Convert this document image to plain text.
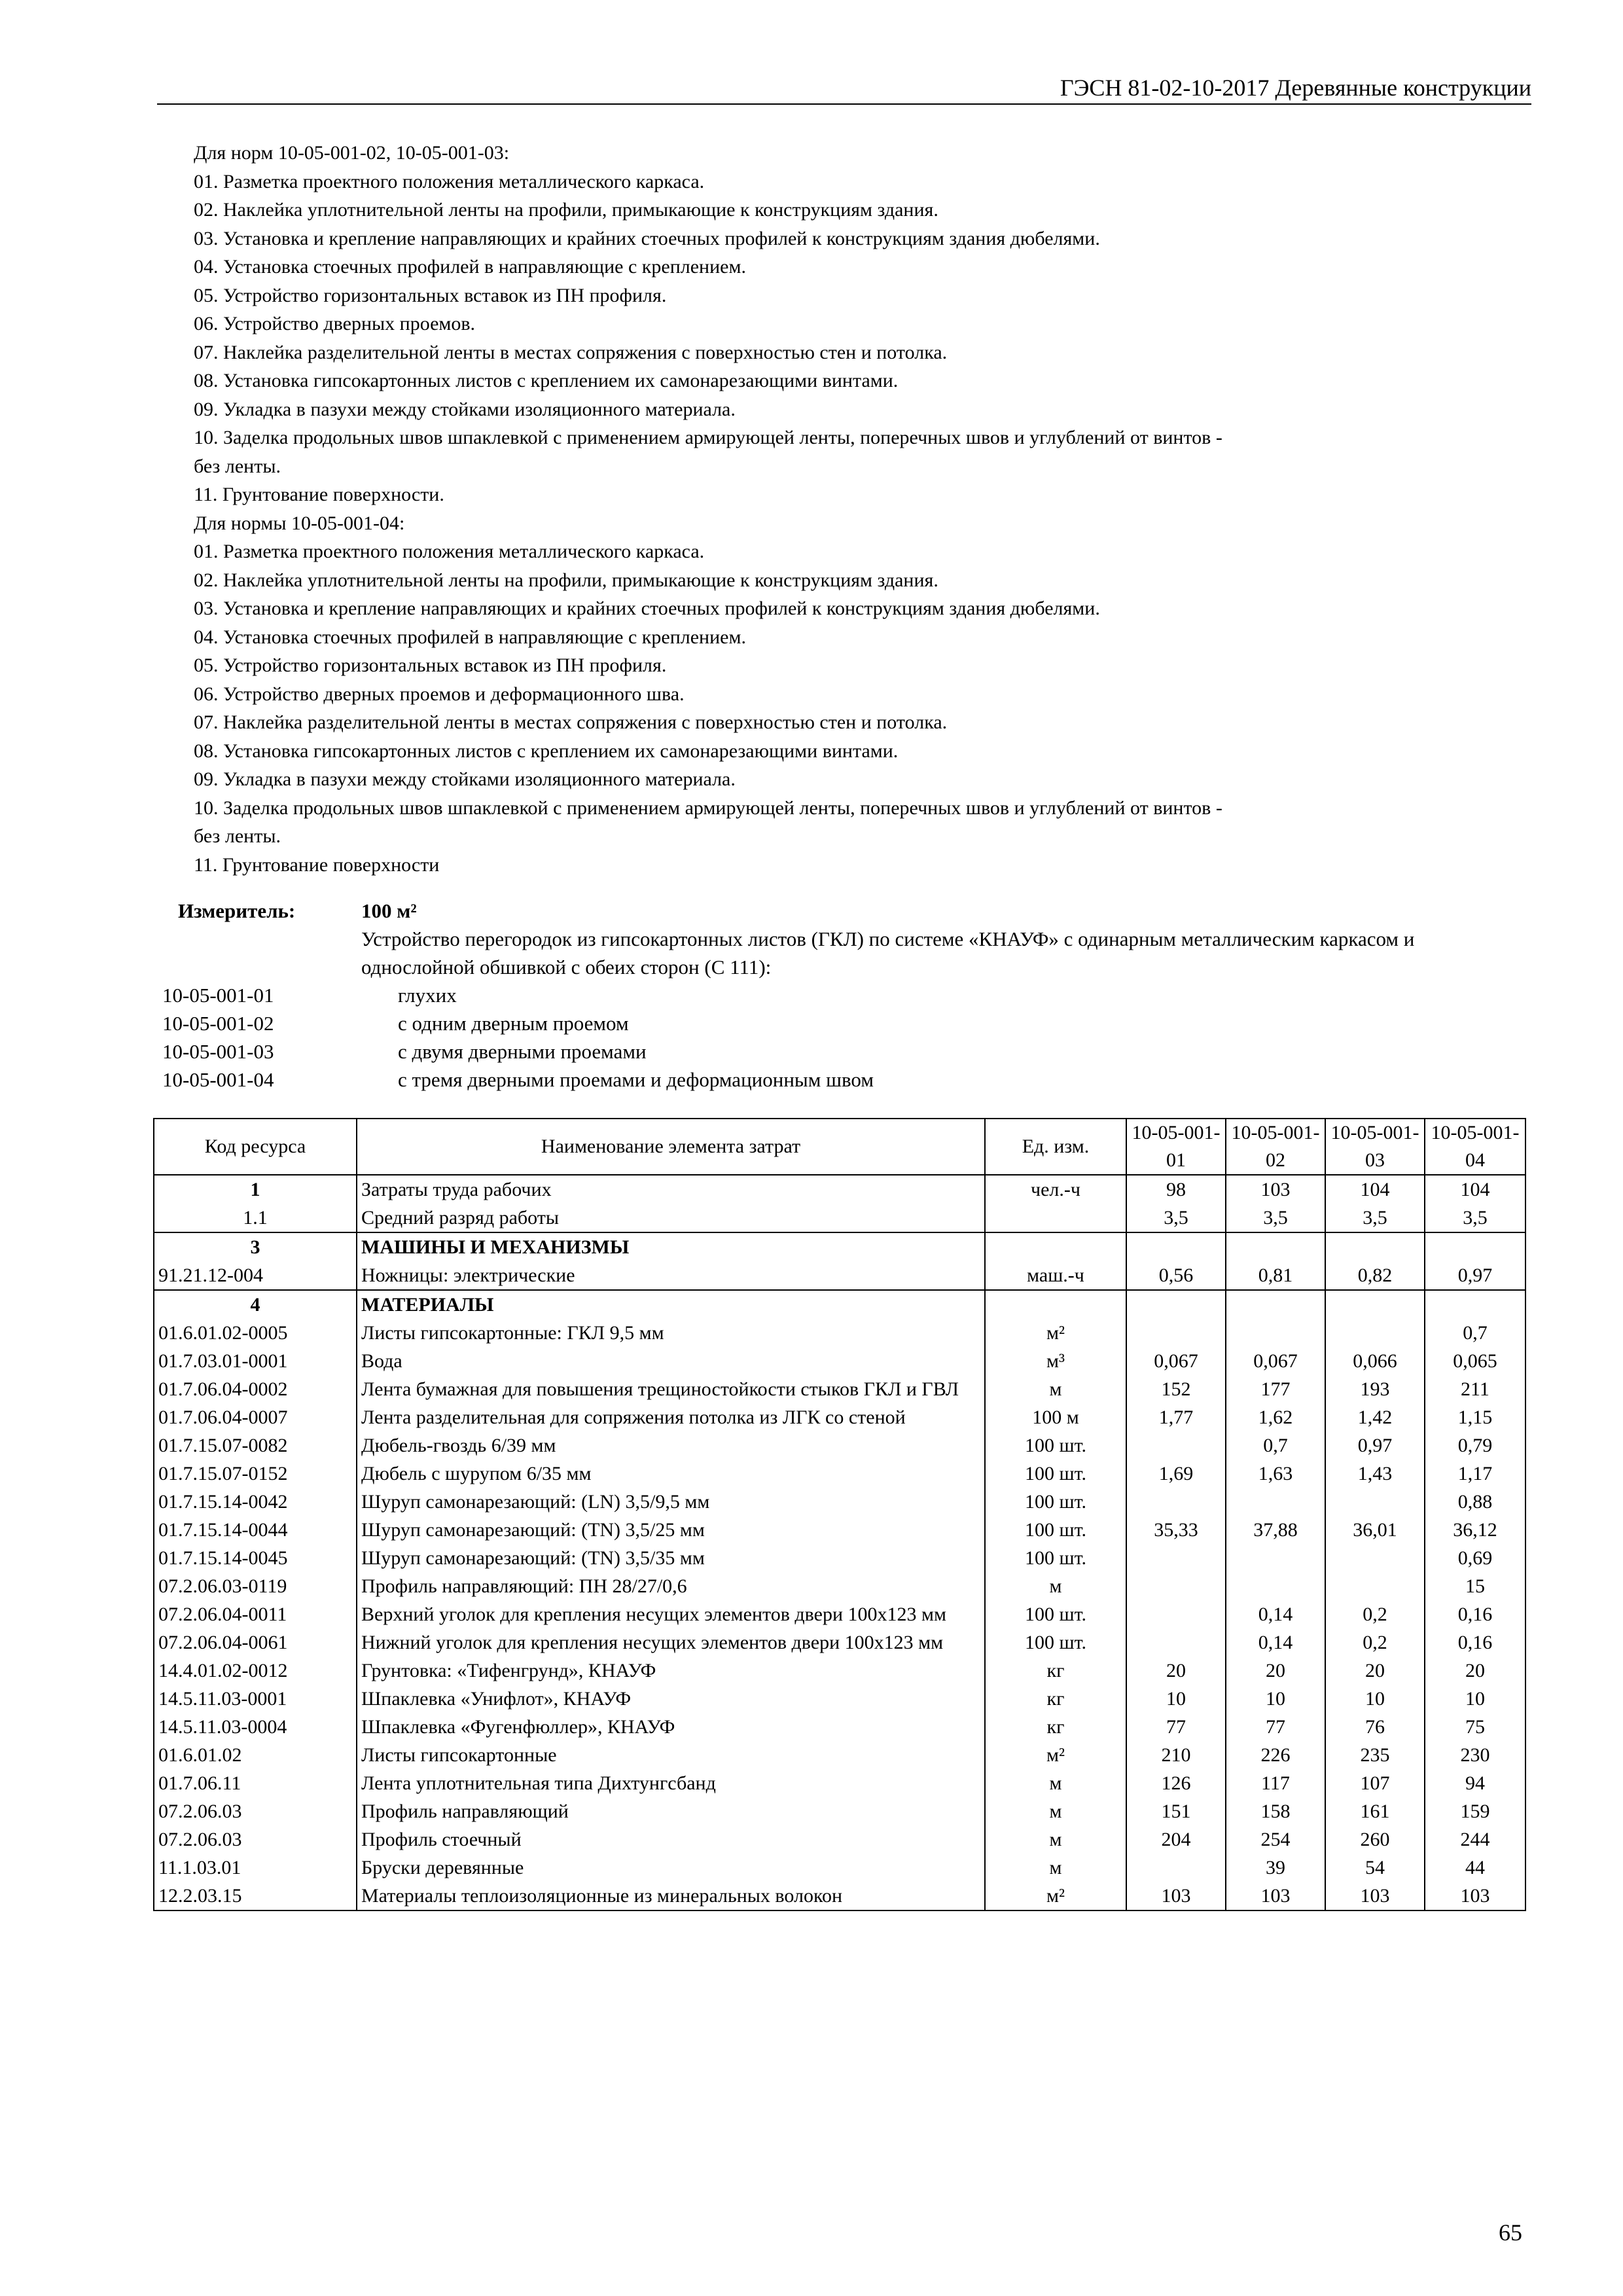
ГЭСН 81-02-10-2017 Деревянные конструкции
Для норм 10-05-001-02, 10-05-001-03:
01. Разметка проектного положения металлического каркаса.
02. Наклейка уплотнительной ленты на профили, примыкающие к конструкциям здания.
03. Установка и крепление направляющих и крайних стоечных профилей к конструкциям здания дюбелями.
04. Установка стоечных профилей в направляющие с креплением.
05. Устройство горизонтальных вставок из ПН профиля.
06. Устройство дверных проемов.
07. Наклейка разделительной ленты в местах сопряжения с поверхностью стен и потолка.
08. Установка гипсокартонных листов с креплением их самонарезающими винтами.
09. Укладка в пазухи между стойками изоляционного материала.
10. Заделка продольных швов шпаклевкой с применением армирующей ленты, поперечных швов и углублений от винтов -
без ленты.
11. Грунтование поверхности.
Для нормы 10-05-001-04:
01. Разметка проектного положения металлического каркаса.
02. Наклейка уплотнительной ленты на профили, примыкающие к конструкциям здания.
03. Установка и крепление направляющих и крайних стоечных профилей к конструкциям здания дюбелями.
04. Установка стоечных профилей в направляющие с креплением.
05. Устройство горизонтальных вставок из ПН профиля.
06. Устройство дверных проемов и деформационного шва.
07. Наклейка разделительной ленты в местах сопряжения с поверхностью стен и потолка.
08. Установка гипсокартонных листов с креплением их самонарезающими винтами.
09. Укладка в пазухи между стойками изоляционного материала.
10. Заделка продольных швов шпаклевкой с применением армирующей ленты, поперечных швов и углублений от винтов -
без ленты.
11. Грунтование поверхности
Измеритель:	100 м²
Устройство перегородок из гипсокартонных листов (ГКЛ) по системе «КНАУФ» с одинарным металлическим каркасом и однослойной обшивкой с обеих сторон (С 111):
10-05-001-01	глухих
10-05-001-02	с одним дверным проемом
10-05-001-03	с двумя дверными проемами
10-05-001-04	с тремя дверными проемами и деформационным швом
Код ресурса	Наименование элемента затрат	Ед. изм.	10-05-001-01	10-05-001-02	10-05-001-03	10-05-001-04
1	Затраты труда рабочих	чел.-ч	98	103	104	104
1.1	Средний разряд работы		3,5	3,5	3,5	3,5
3	МАШИНЫ И МЕХАНИЗМЫ					
91.21.12-004	Ножницы: электрические	маш.-ч	0,56	0,81	0,82	0,97
4	МАТЕРИАЛЫ					
01.6.01.02-0005	Листы гипсокартонные: ГКЛ 9,5 мм	м²				0,7
01.7.03.01-0001	Вода	м³	0,067	0,067	0,066	0,065
01.7.06.04-0002	Лента бумажная для повышения трещиностойкости стыков ГКЛ и ГВЛ	м	152	177	193	211
01.7.06.04-0007	Лента разделительная для сопряжения потолка из ЛГК со стеной	100 м	1,77	1,62	1,42	1,15
01.7.15.07-0082	Дюбель-гвоздь 6/39 мм	100 шт.		0,7	0,97	0,79
01.7.15.07-0152	Дюбель с шурупом 6/35 мм	100 шт.	1,69	1,63	1,43	1,17
01.7.15.14-0042	Шуруп самонарезающий: (LN) 3,5/9,5 мм	100 шт.				0,88
01.7.15.14-0044	Шуруп самонарезающий: (TN) 3,5/25 мм	100 шт.	35,33	37,88	36,01	36,12
01.7.15.14-0045	Шуруп самонарезающий: (TN) 3,5/35 мм	100 шт.				0,69
07.2.06.03-0119	Профиль направляющий: ПН 28/27/0,6	м				15
07.2.06.04-0011	Верхний уголок для крепления несущих элементов двери 100x123 мм	100 шт.		0,14	0,2	0,16
07.2.06.04-0061	Нижний уголок для крепления несущих элементов двери 100x123 мм	100 шт.		0,14	0,2	0,16
14.4.01.02-0012	Грунтовка: «Тифенгрунд», КНАУФ	кг	20	20	20	20
14.5.11.03-0001	Шпаклевка «Унифлот», КНАУФ	кг	10	10	10	10
14.5.11.03-0004	Шпаклевка «Фугенфюллер», КНАУФ	кг	77	77	76	75
01.6.01.02	Листы гипсокартонные	м²	210	226	235	230
01.7.06.11	Лента уплотнительная типа Дихтунгсбанд	м	126	117	107	94
07.2.06.03	Профиль направляющий	м	151	158	161	159
07.2.06.03	Профиль стоечный	м	204	254	260	244
11.1.03.01	Бруски деревянные	м		39	54	44
12.2.03.15	Материалы теплоизоляционные из минеральных волокон	м²	103	103	103	103
65
